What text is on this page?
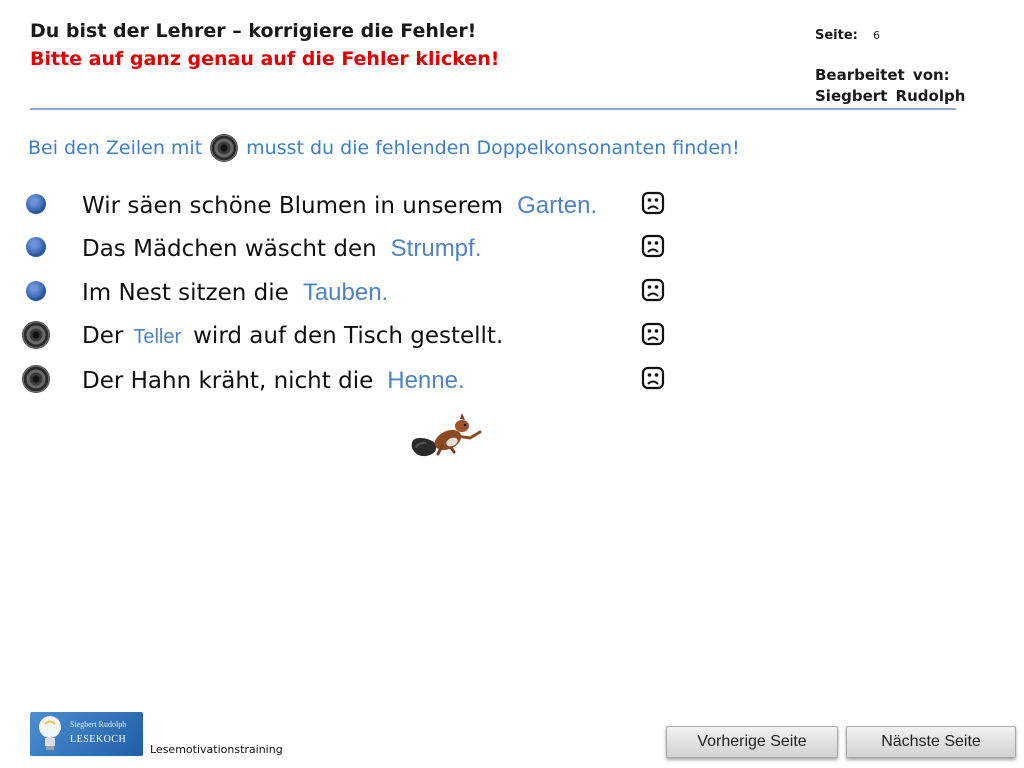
Du bist der Lehrer – korrigiere die Fehler!
Bitte auf ganz genau auf die Fehler klicken!
Seite: 6
Bearbeitet von:
Siegbert Rudolph
Bei den Zeilen mit musst du die fehlenden Doppelkonsonanten finden!
Wir säen schöne Blumen in unserem Garten.
Das Mädchen wäscht den Strumpf.
Im Nest sitzen die Tauben.
Der Teller wird auf den Tisch gestellt.
Der Hahn kräht, nicht die Henne.
Siegbert Rudolph
LESEKOCH
Lesemotivationstraining	Vorherige Seite	Nächste Seite
